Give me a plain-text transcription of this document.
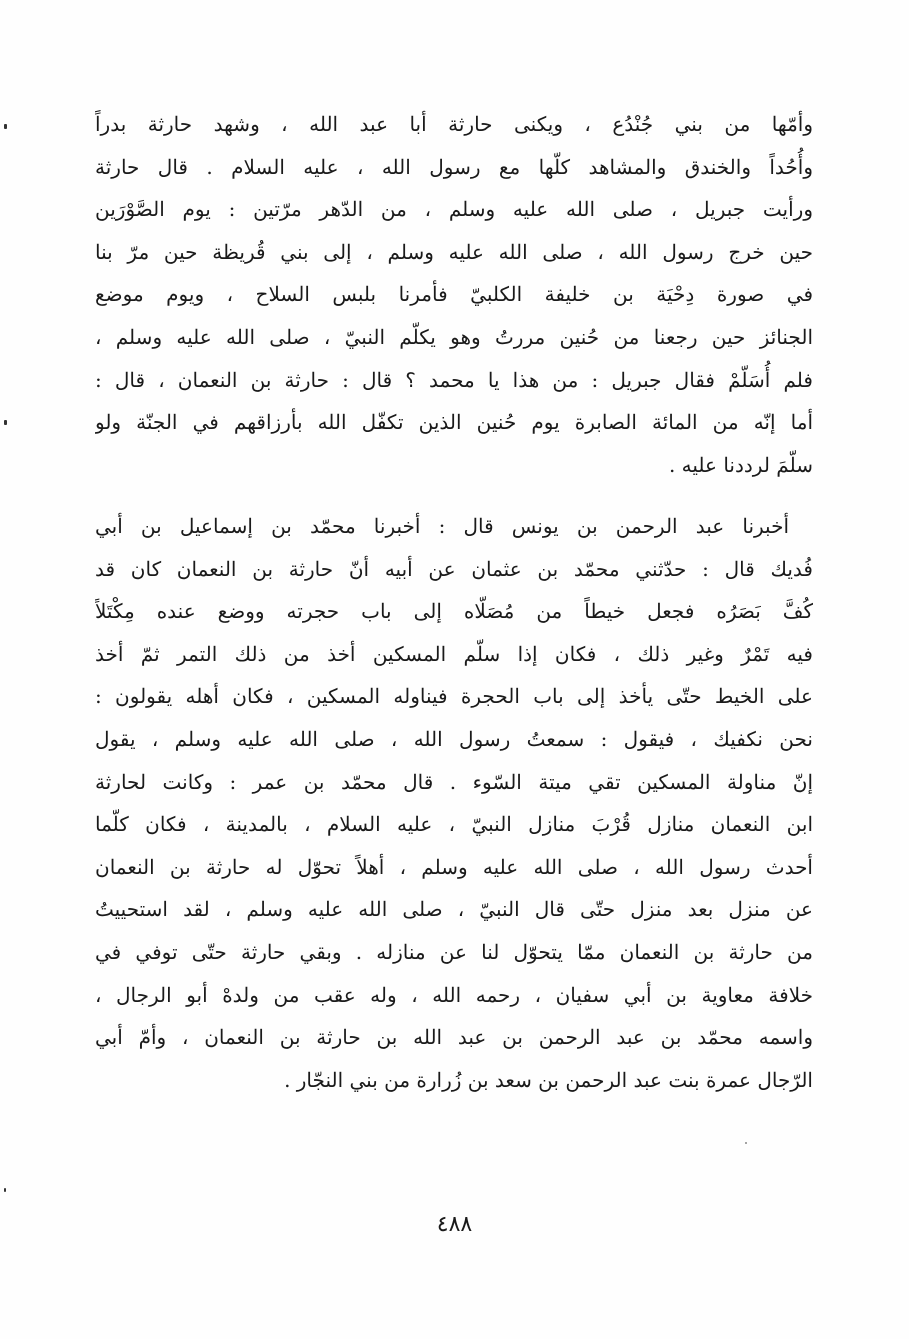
وأمّها من بني جُنْدُع ، ويكنى حارثة أبا عبد الله ، وشهد حارثة بدراً
وأُحُداً والخندق والمشاهد كلّها مع رسول الله ، عليه السلام . قال حارثة
ورأيت جبريل ، صلى الله عليه وسلم ، من الدّهر مرّتين : يوم الصَّوْرَين
حين خرج رسول الله ، صلى الله عليه وسلم ، إلى بني قُريظة حين مرّ بنا
في صورة دِحْيَة بن خليفة الكلبيّ فأمرنا بلبس السلاح ، ويوم موضع
الجنائز حين رجعنا من حُنين مررتُ وهو يكلّم النبيّ ، صلى الله عليه وسلم ،
فلم أُسَلّمْ فقال جبريل : من هذا يا محمد ؟ قال : حارثة بن النعمان ، قال :
أما إنّه من المائة الصابرة يوم حُنين الذين تكفّل الله بأرزاقهم في الجنّة ولو
سلّمَ لرددنا عليه .
أخبرنا عبد الرحمن بن يونس قال : أخبرنا محمّد بن إسماعيل بن أبي
فُديك قال : حدّثني محمّد بن عثمان عن أبيه أنّ حارثة بن النعمان كان قد
كُفَّ بَصَرُه فجعل خيطاً من مُصَلّاه إلى باب حجرته ووضع عنده مِكْتَلاً
فيه تَمْرٌ وغير ذلك ، فكان إذا سلّم المسكين أخذ من ذلك التمر ثمّ أخذ
على الخيط حتّى يأخذ إلى باب الحجرة فيناوله المسكين ، فكان أهله يقولون :
نحن نكفيك ، فيقول : سمعتُ رسول الله ، صلى الله عليه وسلم ، يقول
إنّ مناولة المسكين تقي ميتة السّوء . قال محمّد بن عمر : وكانت لحارثة
ابن النعمان منازل قُرْبَ منازل النبيّ ، عليه السلام ، بالمدينة ، فكان كلّما
أحدث رسول الله ، صلى الله عليه وسلم ، أهلاً تحوّل له حارثة بن النعمان
عن منزل بعد منزل حتّى قال النبيّ ، صلى الله عليه وسلم ، لقد استحييتُ
من حارثة بن النعمان ممّا يتحوّل لنا عن منازله . وبقي حارثة حتّى توفي في
خلافة معاوية بن أبي سفيان ، رحمه الله ، وله عقب من ولدهْ أبو الرجال ،
واسمه محمّد بن عبد الرحمن بن عبد الله بن حارثة بن النعمان ، وأمّ أبي
الرّجال عمرة بنت عبد الرحمن بن سعد بن زُرارة من بني النجّار .
٤٨٨
